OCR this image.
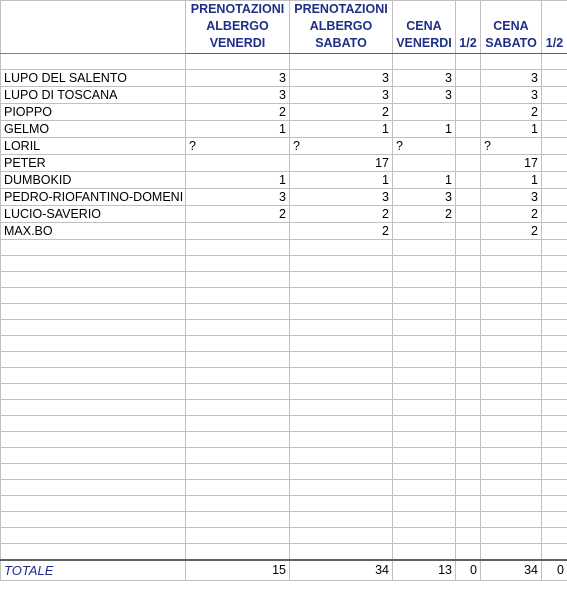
	PRENOTAZIONI
ALBERGO
VENERDI	PRENOTAZIONI
ALBERGO
SABATO	CENA
VENERDI	1/2	CENA
SABATO	1/2

LUPO DEL SALENTO	3	3	3		3	
LUPO DI TOSCANA	3	3	3		3	
PIOPPO	2	2			2	
GELMO	1	1	1		1	
LORIL	?	?	?		?	
PETER		17			17	
DUMBOKID	1	1	1		1	
PEDRO-RIOFANTINO-DOMENI	3	3	3		3	
LUCIO-SAVERIO	2	2	2		2	
MAX.BO		2			2	

TOTALE	15	34	13	0	34	0
